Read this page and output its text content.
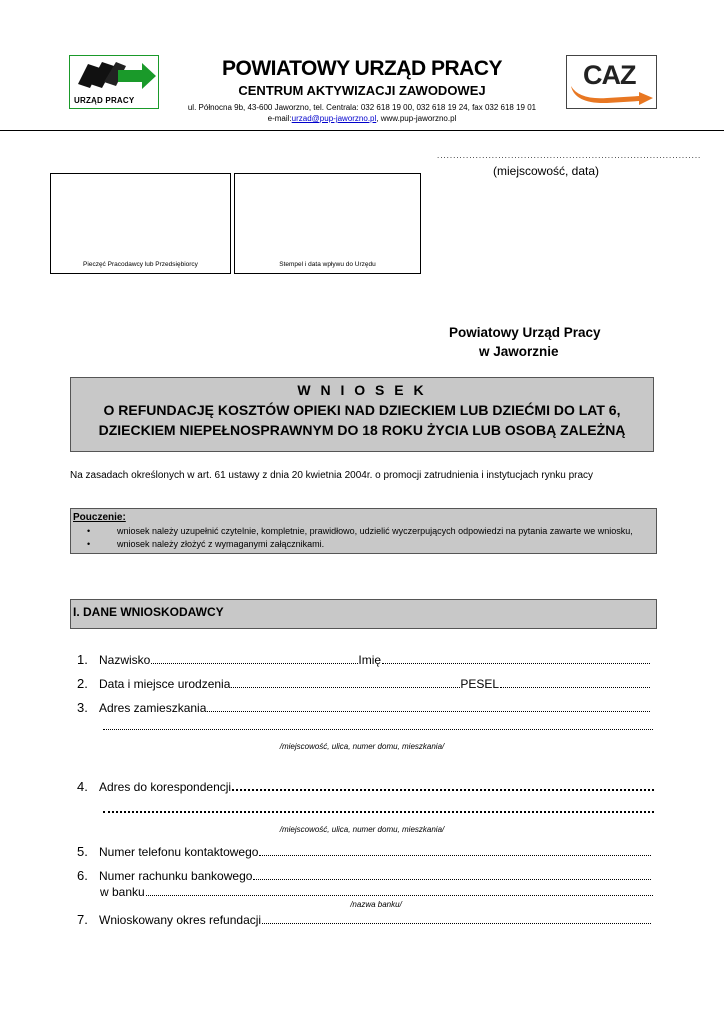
URZĄD PRACY
POWIATOWY URZĄD PRACY
CENTRUM AKTYWIZACJI ZAWODOWEJ
ul. Północna 9b, 43-600 Jaworzno, tel. Centrala: 032 618 19 00, 032 618 19 24, fax 032 618 19 01
e-mail:urzad@pup-jaworzno.pl, www.pup-jaworzno.pl
CAZ
..................................................................................
(miejscowość, data)
Pieczęć Pracodawcy lub Przedsiębiorcy	Stempel i data wpływu do Urzędu
Powiatowy Urząd Pracy
w Jaworznie
W N I O S E K
O REFUNDACJĘ KOSZTÓW OPIEKI NAD DZIECKIEM LUB DZIEĆMI DO LAT 6,
DZIECKIEM NIEPEŁNOSPRAWNYM DO 18 ROKU ŻYCIA LUB OSOBĄ ZALEŻNĄ
Na zasadach określonych w art. 61 ustawy z dnia 20 kwietnia 2004r. o promocji zatrudnienia i instytucjach rynku pracy
Pouczenie:
•	wniosek należy uzupełnić czytelnie, kompletnie, prawidłowo, udzielić wyczerpujących odpowiedzi na pytania zawarte we wniosku,
•	wniosek należy złożyć z wymaganymi załącznikami.
I. DANE WNIOSKODAWCY
1. Nazwisko	Imię
2. Data i miejsce urodzenia	PESEL
3. Adres zamieszkania
/miejscowość, ulica, numer domu, mieszkania/
4. Adres do korespondencji
/miejscowość, ulica, numer domu, mieszkania/
5. Numer telefonu kontaktowego
6. Numer rachunku bankowego
w banku
/nazwa banku/
7. Wnioskowany okres refundacji
